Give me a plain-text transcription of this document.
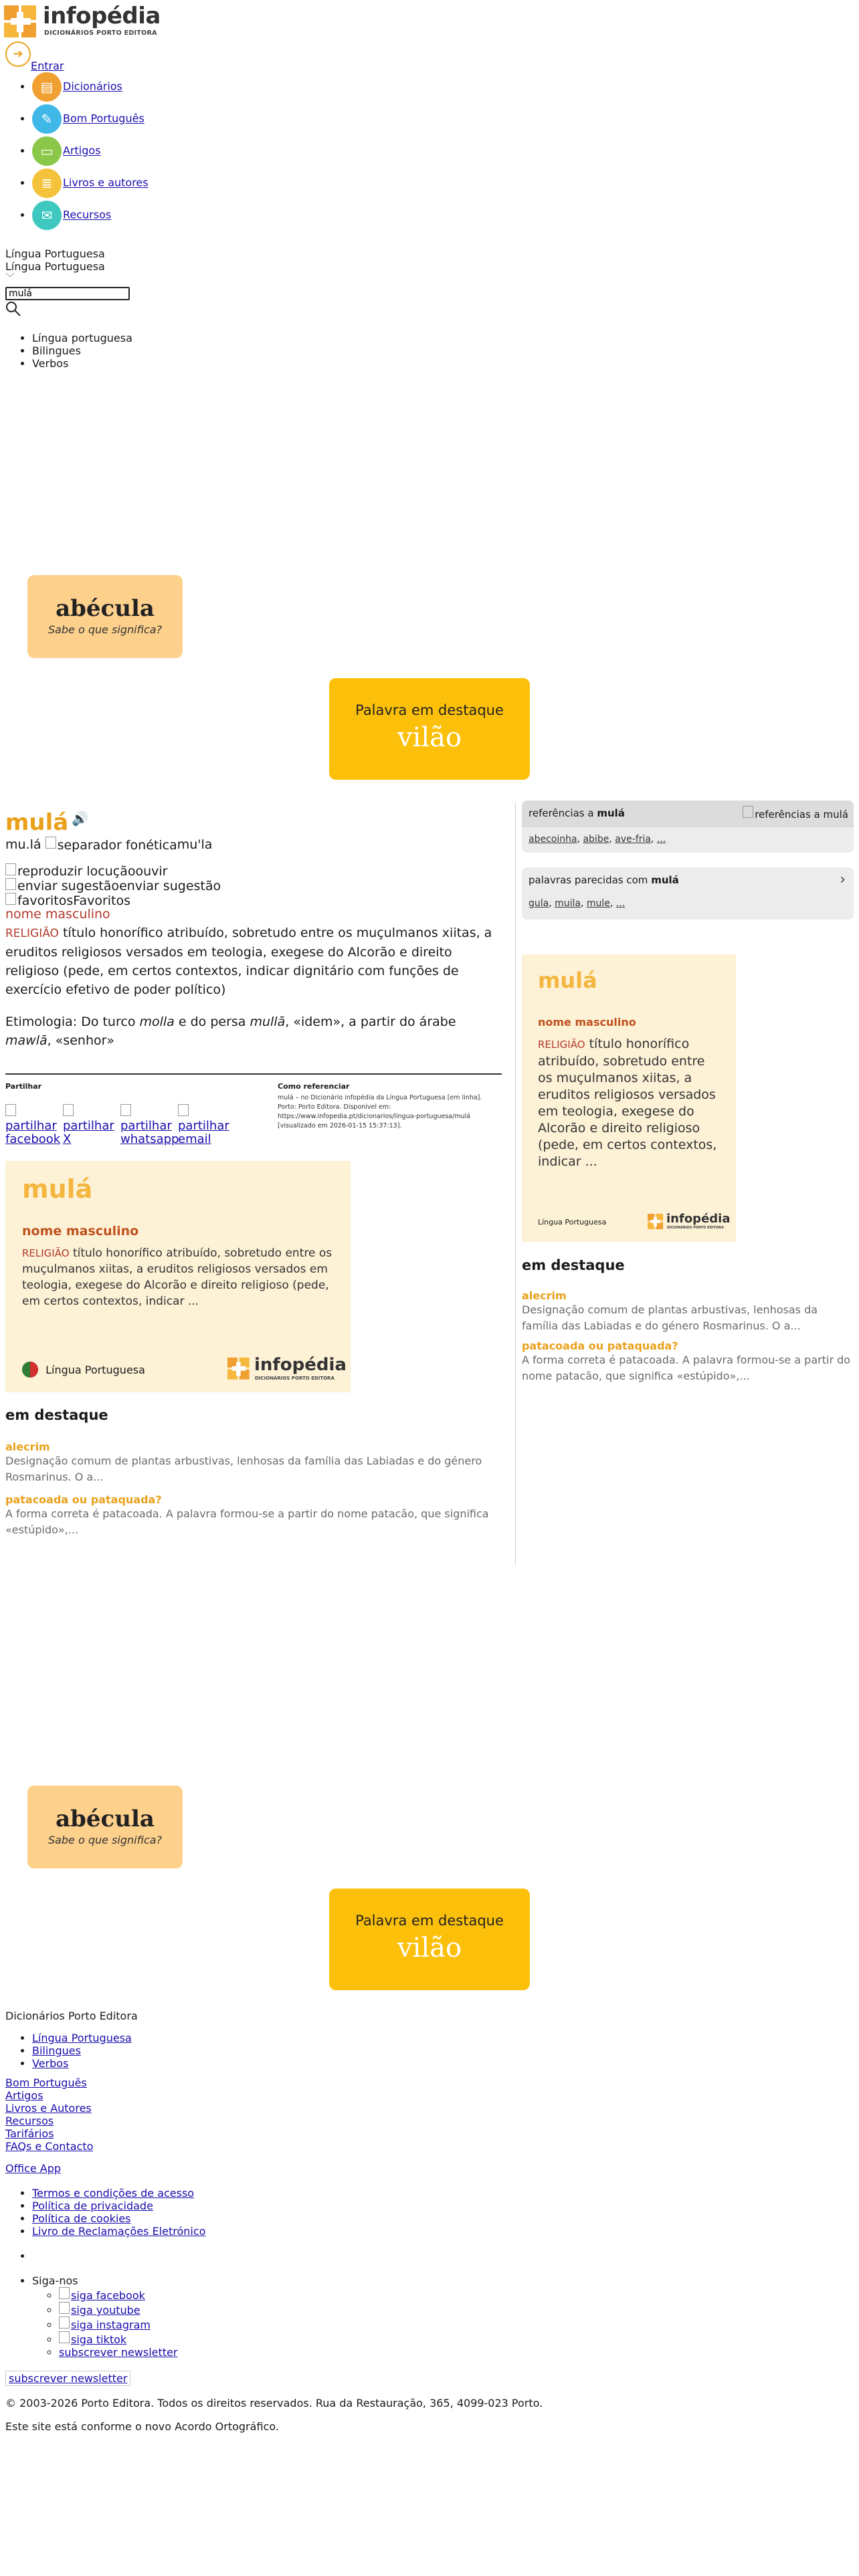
infopédia
DICIONÁRIOS PORTO EDITORA
➔Entrar
• ▤ Dicionários
• ✎ Bom Português
• ▭ Artigos
• ≣ Livros e autores
• ✉ Recursos
Língua Portuguesa
Língua Portuguesa
﹀
mulá
• Língua portuguesa
• Bilingues
• Verbos
abécula
Sabe o que significa?
Palavra em destaque
vilão
mulá 🔊
mu.lá separador fonética mu'la
reproduzir locuçãoouvir
enviar sugestãoenviar sugestão
favoritosFavoritos
nome masculino
RELIGIÃO título honorífico atribuído, sobretudo entre os muçulmanos xiitas, a eruditos religiosos versados em teologia, exegese do Alcorão e direito religioso (pede, em certos contextos, indicar dignitário com funções de exercício efetivo de poder político)
Etimologia: Do turco molla e do persa mullā, «idem», a partir do árabe mawlā, «senhor»
Partilhar
partilhar facebookpartilhar Xpartilhar whatsapppartilhar email
Como referenciar
mulá – no Dicionário infopédia da Língua Portuguesa [em linha]. Porto: Porto Editora. Disponível em: https://www.infopedia.pt/dicionarios/lingua-portuguesa/mulá [visualizado em 2026-01-15 15:37:13].
mulá
nome masculino
RELIGIÃO título honorífico atribuído, sobretudo entre os muçulmanos xiitas, a eruditos religiosos versados em teologia, exegese do Alcorão e direito religioso (pede, em certos contextos, indicar ...
Língua Portuguesa	infopédia
DICIONÁRIOS PORTO EDITORA
em destaque
alecrim
Designação comum de plantas arbustivas, lenhosas da família das Labiadas e do género Rosmarinus. O a...
patacoada ou pataquada?
A forma correta é patacoada. A palavra formou-se a partir do nome patacão, que significa «estúpido»,...
referências a mulá	referências a mulá
abecoinha, abibe, ave-fria, ...
palavras parecidas com mulá	›
gula, muila, mule, ...
mulá
nome masculino
RELIGIÃO título honorífico atribuído, sobretudo entre os muçulmanos xiitas, a eruditos religiosos versados em teologia, exegese do Alcorão e direito religioso (pede, em certos contextos, indicar ...
Língua Portuguesa	infopédia
DICIONÁRIOS PORTO EDITORA
em destaque
alecrim
Designação comum de plantas arbustivas, lenhosas da família das Labiadas e do género Rosmarinus. O a...
patacoada ou pataquada?
A forma correta é patacoada. A palavra formou-se a partir do nome patacão, que significa «estúpido»,...
abécula
Sabe o que significa?
Palavra em destaque
vilão
Dicionários Porto Editora
• Língua Portuguesa
• Bilingues
• Verbos
Bom Português
Artigos
Livros e Autores
Recursos
Tarifários
FAQs e Contacto
Office App
• Termos e condições de acesso
• Política de privacidade
• Política de cookies
• Livro de Reclamações Eletrónico
•
• Siga-nos
◦ siga facebook
◦ siga youtube
◦ siga instagram
◦ siga tiktok
◦ subscrever newsletter
subscrever newsletter
© 2003-2026 Porto Editora. Todos os direitos reservados. Rua da Restauração, 365, 4099-023 Porto.
Este site está conforme o novo Acordo Ortográfico.
